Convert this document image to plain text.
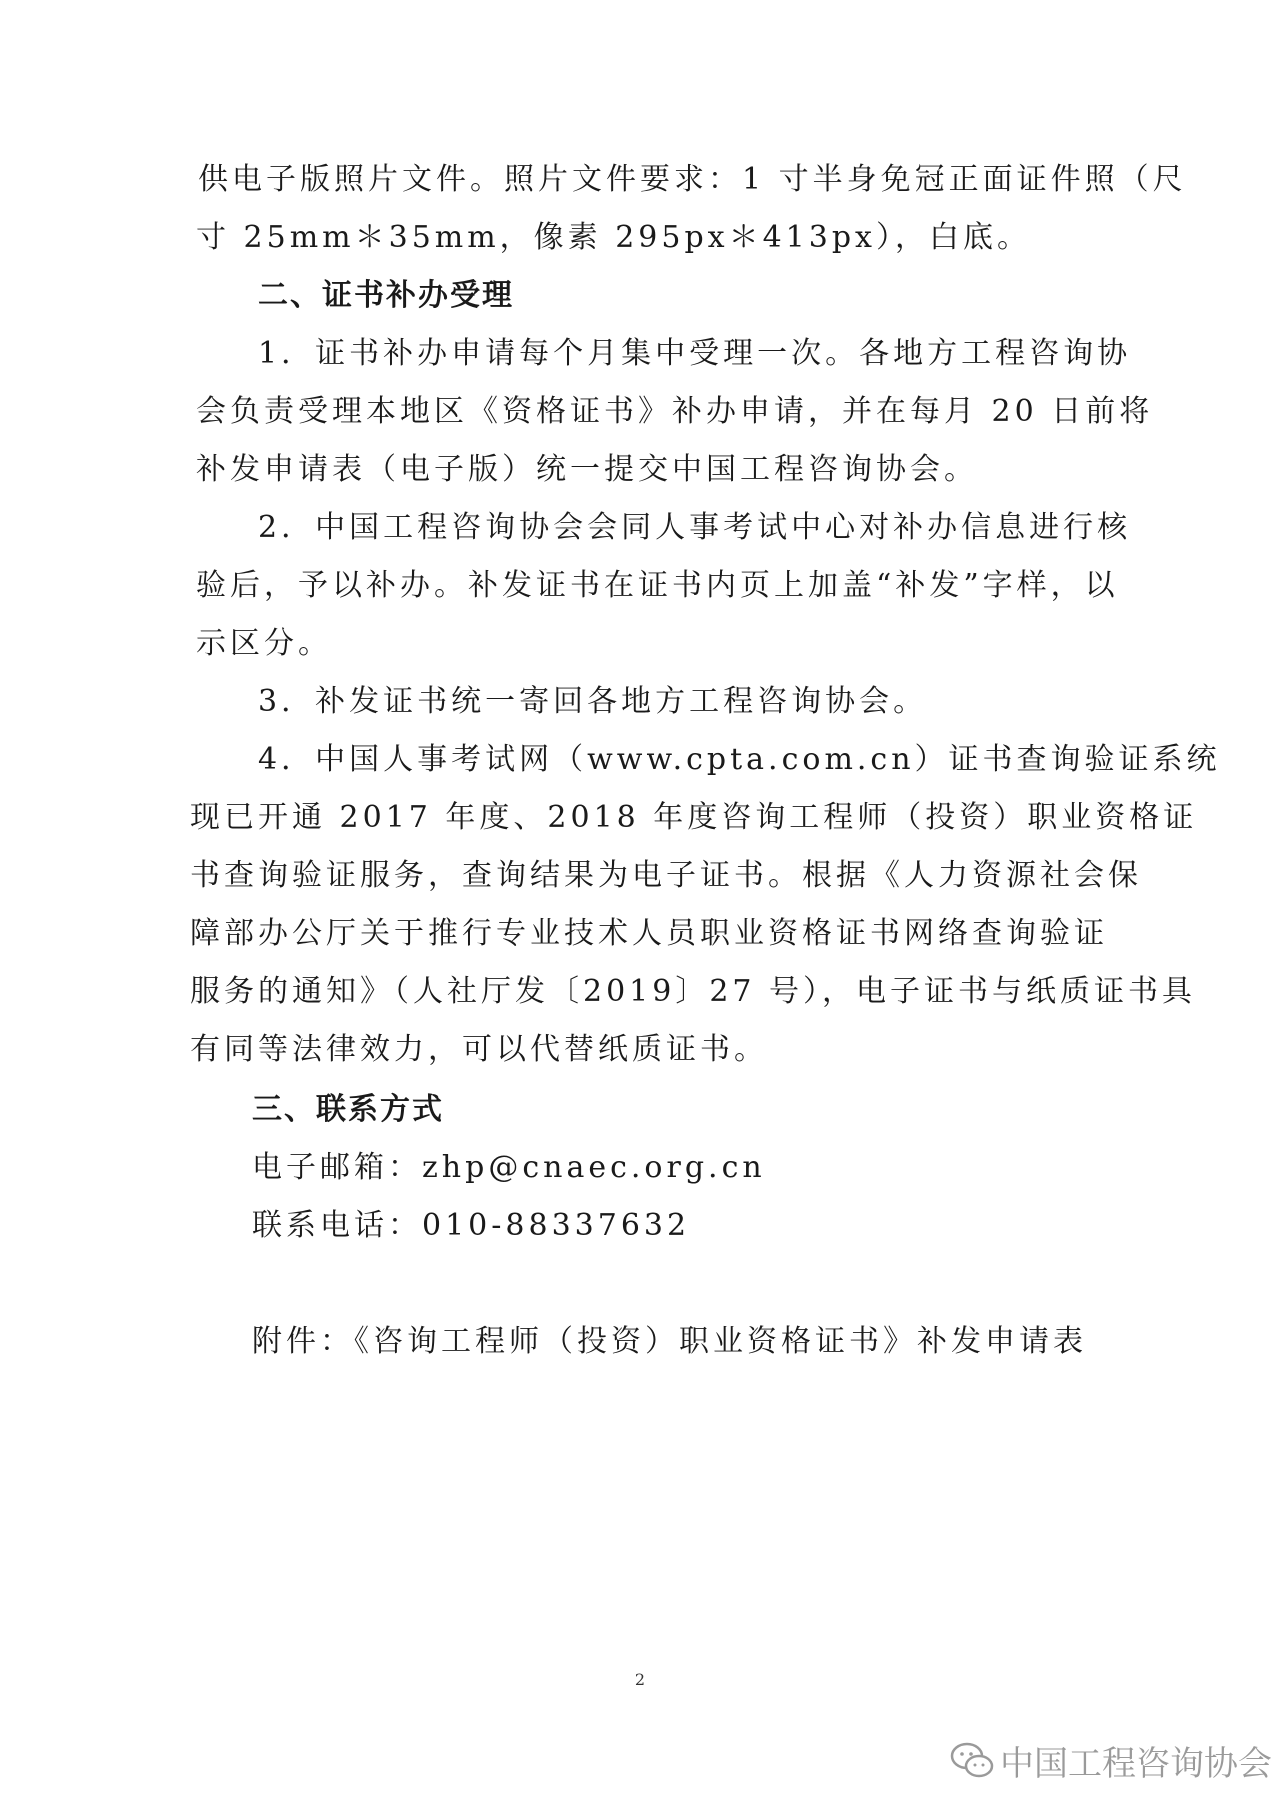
供电子版照片文件。照片文件要求：1 寸半身免冠正面证件照（尺
寸 25mm＊35mm，像素 295px＊413px），白底。
二、证书补办受理
1．证书补办申请每个月集中受理一次。各地方工程咨询协
会负责受理本地区《资格证书》补办申请，并在每月 20 日前将
补发申请表（电子版）统一提交中国工程咨询协会。
2．中国工程咨询协会会同人事考试中心对补办信息进行核
验后，予以补办。补发证书在证书内页上加盖“补发”字样，以
示区分。
3．补发证书统一寄回各地方工程咨询协会。
4．中国人事考试网（www.cpta.com.cn）证书查询验证系统
现已开通 2017 年度、2018 年度咨询工程师（投资）职业资格证
书查询验证服务，查询结果为电子证书。根据《人力资源社会保
障部办公厅关于推行专业技术人员职业资格证书网络查询验证
服务的通知》（人社厅发〔2019〕27 号），电子证书与纸质证书具
有同等法律效力，可以代替纸质证书。
三、联系方式
电子邮箱：zhp@cnaec.org.cn
联系电话：010-88337632
附件：《咨询工程师（投资）职业资格证书》补发申请表
2
中国工程咨询协会
